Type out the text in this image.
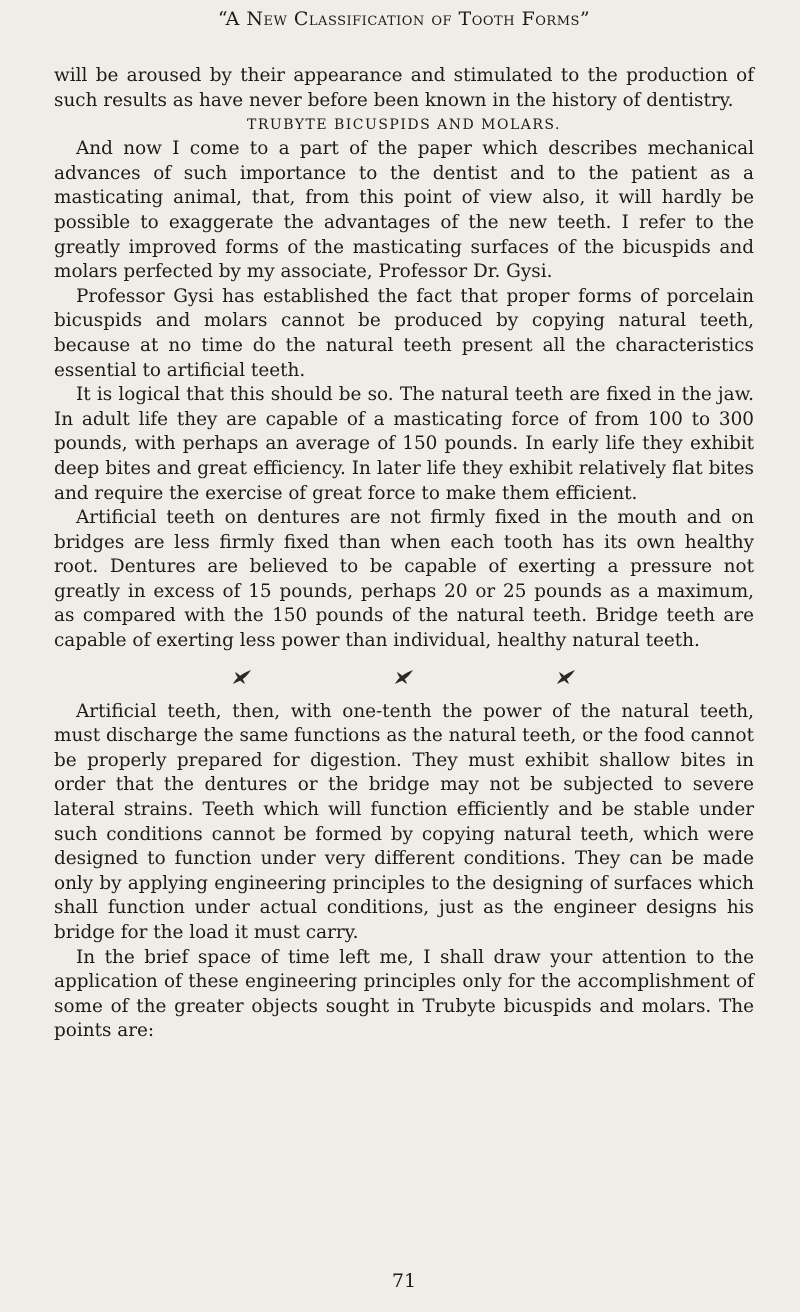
“A New Classification of Tooth Forms”

will be aroused by their appearance and stimulated to the production of such results as have never before been known in the history of dentistry.

TRUBYTE BICUSPIDS AND MOLARS.

And now I come to a part of the paper which describes mechanical advances of such importance to the dentist and to the patient as a masticating animal, that, from this point of view also, it will hardly be possible to exaggerate the advantages of the new teeth. I refer to the greatly improved forms of the masticating surfaces of the bicuspids and molars perfected by my associate, Professor Dr. Gysi.

Professor Gysi has established the fact that proper forms of porcelain bicuspids and molars cannot be produced by copying natural teeth, because at no time do the natural teeth present all the characteristics essential to artificial teeth.

It is logical that this should be so. The natural teeth are fixed in the jaw. In adult life they are capable of a masticating force of from 100 to 300 pounds, with perhaps an average of 150 pounds. In early life they exhibit deep bites and great efficiency. In later life they exhibit relatively flat bites and require the exercise of great force to make them efficient.

Artificial teeth on dentures are not firmly fixed in the mouth and on bridges are less firmly fixed than when each tooth has its own healthy root. Dentures are believed to be capable of exerting a pressure not greatly in excess of 15 pounds, perhaps 20 or 25 pounds as a maximum, as compared with the 150 pounds of the natural teeth. Bridge teeth are capable of exerting less power than individual, healthy natural teeth.

Artificial teeth, then, with one-tenth the power of the natural teeth, must discharge the same functions as the natural teeth, or the food cannot be properly prepared for digestion. They must exhibit shallow bites in order that the dentures or the bridge may not be subjected to severe lateral strains. Teeth which will function efficiently and be stable under such conditions cannot be formed by copying natural teeth, which were designed to function under very different conditions. They can be made only by applying engineering principles to the designing of surfaces which shall function under actual conditions, just as the engineer designs his bridge for the load it must carry.

In the brief space of time left me, I shall draw your attention to the application of these engineering principles only for the accomplishment of some of the greater objects sought in Trubyte bicuspids and molars. The points are:

71
